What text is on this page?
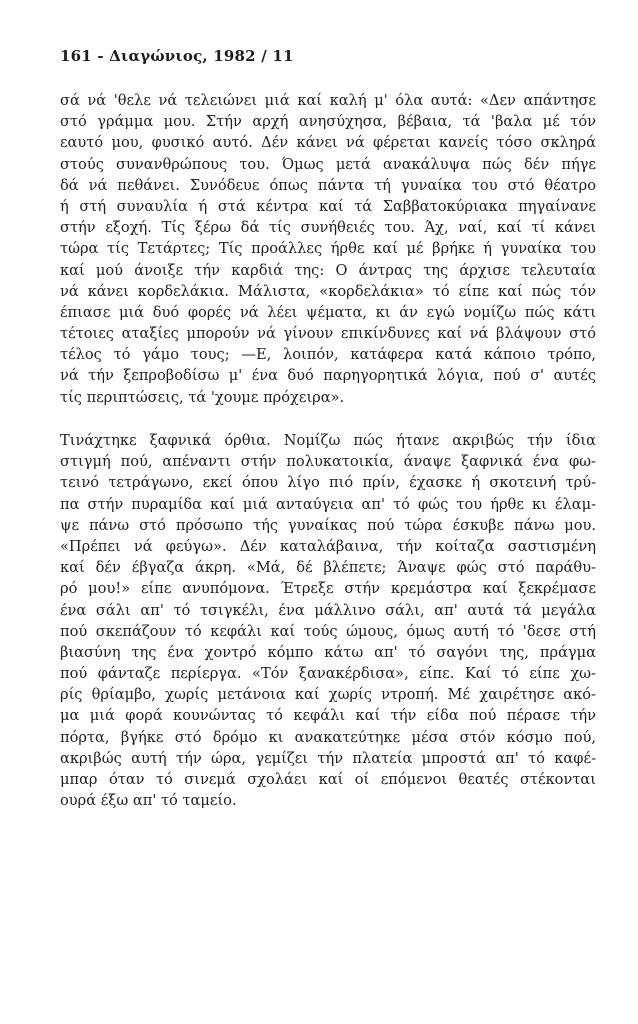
161 - Διαγώνιος, 1982 / 11
σά νά 'θελε νά τελειώνει μιά καί καλή μ' όλα αυτά: «Δεν απάντησε
στό γράμμα μου. Στήν αρχή ανησύχησα, βέβαια, τά 'βαλα μέ τόν
εαυτό μου, φυσικό αυτό. Δέν κάνει νά φέρεται κανείς τόσο σκληρά
στούς συνανθρώπους του. Όμως μετά ανακάλυψα πώς δέν πήγε
δά νά πεθάνει. Συνόδευε όπως πάντα τή γυναίκα του στό θέατρο
ή στή συναυλία ή στά κέντρα καί τά Σαββατοκύριακα πηγαίνανε
στήν εξοχή. Τίς ξέρω δά τίς συνήθειές του. Άχ, ναί, καί τί κάνει
τώρα τίς Τετάρτες; Τίς προάλλες ήρθε καί μέ βρήκε ή γυναίκα του
καί μού άνοιξε τήν καρδιά της: Ο άντρας της άρχισε τελευταία
νά κάνει κορδελάκια. Μάλιστα, «κορδελάκια» τό είπε καί πώς τόν
έπιασε μιά δυό φορές νά λέει ψέματα, κι άν εγώ νομίζω πώς κάτι
τέτοιες αταξίες μπορούν νά γίνουν επικίνδυνες καί νά βλάψουν στό
τέλος τό γάμο τους; —Ε, λοιπόν, κατάφερα κατά κάποιο τρόπο,
νά τήν ξεπροβοδίσω μ' ένα δυό παρηγορητικά λόγια, πού σ' αυτές
τίς περιπτώσεις, τά 'χουμε πρόχειρα».
Τινάχτηκε ξαφνικά όρθια. Νομίζω πώς ήτανε ακριβώς τήν ίδια
στιγμή πού, απέναντι στήν πολυκατοικία, άναψε ξαφνικά ένα φω-
τεινό τετράγωνο, εκεί όπου λίγο πιό πρίν, έχασκε ή σκοτεινή τρύ-
πα στήν πυραμίδα καί μιά ανταύγεια απ' τό φώς του ήρθε κι έλαμ-
ψε πάνω στό πρόσωπο τής γυναίκας πού τώρα έσκυβε πάνω μου.
«Πρέπει νά φεύγω». Δέν καταλάβαινα, τήν κοίταζα σαστισμένη
καί δέν έβγαζα άκρη. «Μά, δέ βλέπετε; Άναψε φώς στό παράθυ-
ρό μου!» είπε ανυπόμονα. Έτρεξε στήν κρεμάστρα καί ξεκρέμασε
ένα σάλι απ' τό τσιγκέλι, ένα μάλλινο σάλι, απ' αυτά τά μεγάλα
πού σκεπάζουν τό κεφάλι καί τούς ώμους, όμως αυτή τό 'δεσε στή
βιασύνη της ένα χοντρό κόμπο κάτω απ' τό σαγόνι της, πράγμα
πού φάνταζε περίεργα. «Τόν ξανακέρδισα», είπε. Καί τό είπε χω-
ρίς θρίαμβο, χωρίς μετάνοια καί χωρίς ντροπή. Μέ χαιρέτησε ακό-
μα μιά φορά κουνώντας τό κεφάλι καί τήν είδα πού πέρασε τήν
πόρτα, βγήκε στό δρόμο κι ανακατεύτηκε μέσα στόν κόσμο πού,
ακριβώς αυτή τήν ώρα, γεμίζει τήν πλατεία μπροστά απ' τό καφέ-
μπαρ όταν τό σινεμά σχολάει καί οί επόμενοι θεατές στέκονται
ουρά έξω απ' τό ταμείο.
